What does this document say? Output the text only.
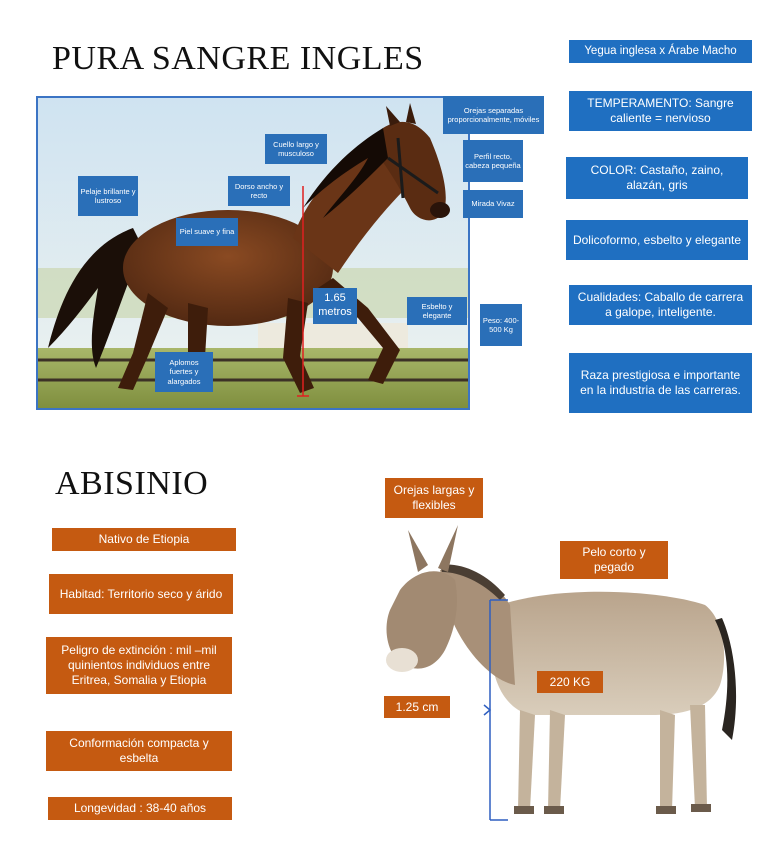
PURA SANGRE INGLES
Orejas separadas proporcionalmente, móviles
Cuello largo y musculoso	Perfil recto, cabeza pequeña
Pelaje brillante y lustroso
Dorso ancho y recto
Mirada Vivaz
Piel suave y fina
1.65 metros	Esbelto y elegante
Peso: 400-500 Kg
Aplomos fuertes y alargados
Yegua inglesa x Árabe Macho
TEMPERAMENTO: Sangre caliente = nervioso
COLOR: Castaño, zaino, alazán, gris
Dolicoformo, esbelto y elegante
Cualidades: Caballo de carrera a galope, inteligente.
Raza prestigiosa e importante en la industria de las carreras.
ABISINIO
Nativo de Etiopia
Habitad: Territorio seco y árido
Peligro de extinción : mil –mil quinientos individuos entre Eritrea, Somalia y Etiopia
Conformación compacta y esbelta
Longevidad : 38-40 años
Orejas largas y flexibles
Pelo corto y pegado
220 KG
1.25 cm
